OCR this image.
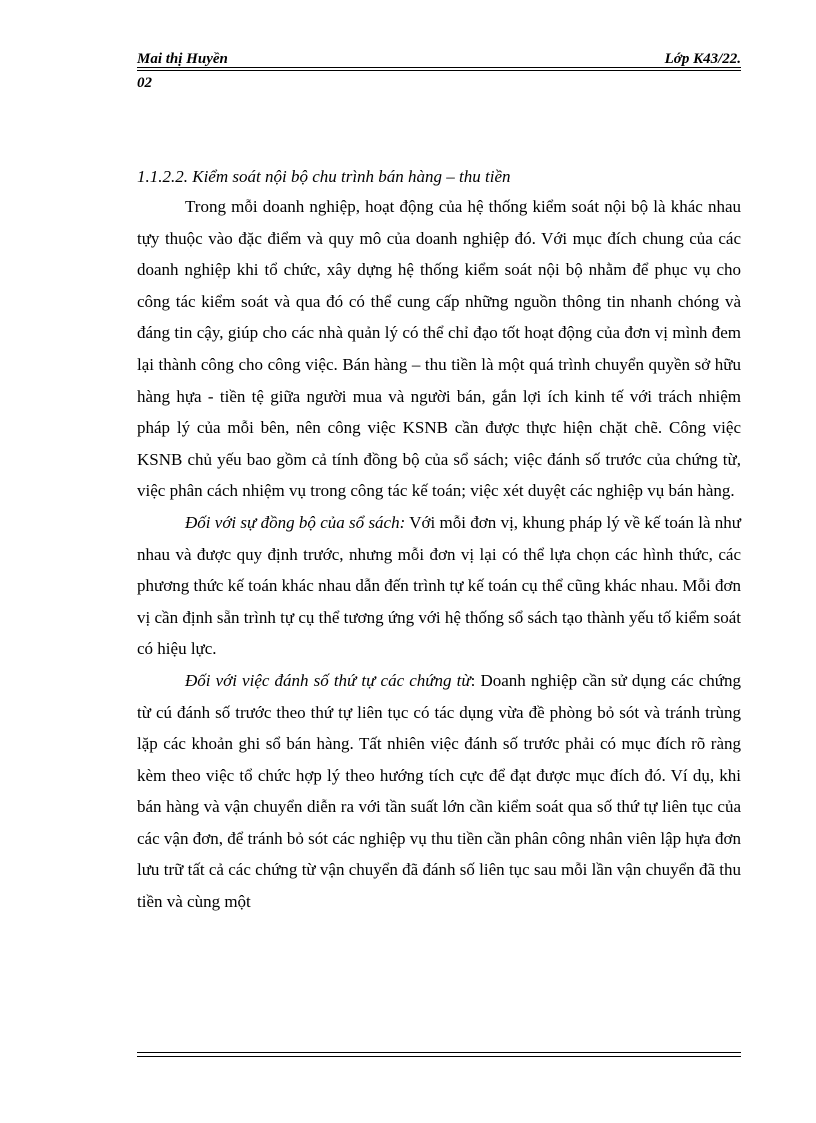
Mai thị Huyền	Lớp K43/22.
02
1.1.2.2. Kiểm soát nội bộ chu trình bán hàng – thu tiền

Trong mỗi doanh nghiệp, hoạt động của hệ thống kiểm soát nội bộ là khác nhau tựy thuộc vào đặc điểm và quy mô của doanh nghiệp đó. Với mục đích chung của các doanh nghiệp khi tổ chức, xây dựng hệ thống kiểm soát nội bộ nhằm để phục vụ cho công tác kiểm soát và qua đó có thể cung cấp những nguồn thông tin nhanh chóng và đáng tin cậy, giúp cho các nhà quản lý có thể chỉ đạo tốt hoạt động của đơn vị mình đem lại thành công cho công việc. Bán hàng – thu tiền là một quá trình chuyển quyền sở hữu hàng hựa - tiền tệ giữa người mua và người bán, gắn lợi ích kinh tế với trách nhiệm pháp lý của mỗi bên, nên công việc KSNB cần được thực hiện chặt chẽ. Công việc KSNB chủ yếu bao gồm cả tính đồng bộ của sổ sách; việc đánh số trước của chứng từ, việc phân cách nhiệm vụ trong công tác kế toán; việc xét duyệt các nghiệp vụ bán hàng.

Đối với sự đồng bộ của sổ sách: Với mỗi đơn vị, khung pháp lý về kế toán là như nhau và được quy định trước, nhưng mỗi đơn vị lại có thể lựa chọn các hình thức, các phương thức kế toán khác nhau dẫn đến trình tự kế toán cụ thể cũng khác nhau. Mỗi đơn vị cần định sẵn trình tự cụ thể tương ứng với hệ thống sổ sách tạo thành yếu tố kiểm soát có hiệu lực.

Đối với việc đánh số thứ tự các chứng từ: Doanh nghiệp cần sử dụng các chứng từ cú đánh số trước theo thứ tự liên tục có tác dụng vừa đề phòng bỏ sót và tránh trùng lặp các khoản ghi sổ bán hàng. Tất nhiên việc đánh số trước phải có mục đích rõ ràng kèm theo việc tổ chức hợp lý theo hướng tích cực để đạt được mục đích đó. Ví dụ, khi bán hàng và vận chuyển diễn ra với tần suất lớn cần kiểm soát qua số thứ tự liên tục của các vận đơn, để tránh bỏ sót các nghiệp vụ thu tiền cần phân công nhân viên lập hựa đơn lưu trữ tất cả các chứng từ vận chuyển đã đánh số liên tục sau mỗi lần vận chuyển đã thu tiền và cùng một
